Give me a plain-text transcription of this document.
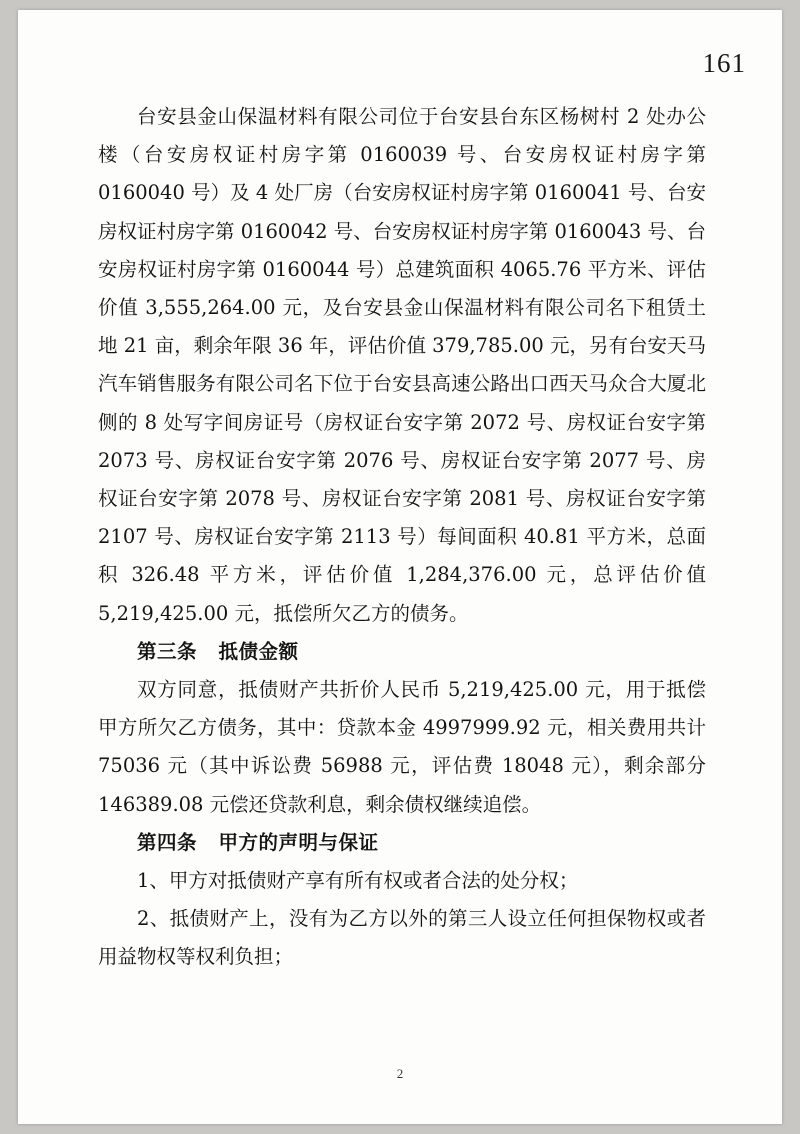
161

台安县金山保温材料有限公司位于台安县台东区杨树村 2 处办公楼（台安房权证村房字第 0160039 号、台安房权证村房字第 0160040 号）及 4 处厂房（台安房权证村房字第 0160041 号、台安房权证村房字第 0160042 号、台安房权证村房字第 0160043 号、台安房权证村房字第 0160044 号）总建筑面积 4065.76 平方米、评估价值 3,555,264.00 元，及台安县金山保温材料有限公司名下租赁土地 21 亩，剩余年限 36 年，评估价值 379,785.00 元，另有台安天马汽车销售服务有限公司名下位于台安县高速公路出口西天马众合大厦北侧的 8 处写字间房证号（房权证台安字第 2072 号、房权证台安字第 2073 号、房权证台安字第 2076 号、房权证台安字第 2077 号、房权证台安字第 2078 号、房权证台安字第 2081 号、房权证台安字第 2107 号、房权证台安字第 2113 号）每间面积 40.81 平方米，总面积 326.48 平方米，评估价值 1,284,376.00 元，总评估价值 5,219,425.00 元，抵偿所欠乙方的债务。

第三条 抵债金额

双方同意，抵债财产共折价人民币 5,219,425.00 元，用于抵偿甲方所欠乙方债务，其中：贷款本金 4997999.92 元，相关费用共计 75036 元（其中诉讼费 56988 元，评估费 18048 元），剩余部分 146389.08 元偿还贷款利息，剩余债权继续追偿。

第四条 甲方的声明与保证

1、甲方对抵债财产享有所有权或者合法的处分权；

2、抵债财产上，没有为乙方以外的第三人设立任何担保物权或者用益物权等权利负担；

2
